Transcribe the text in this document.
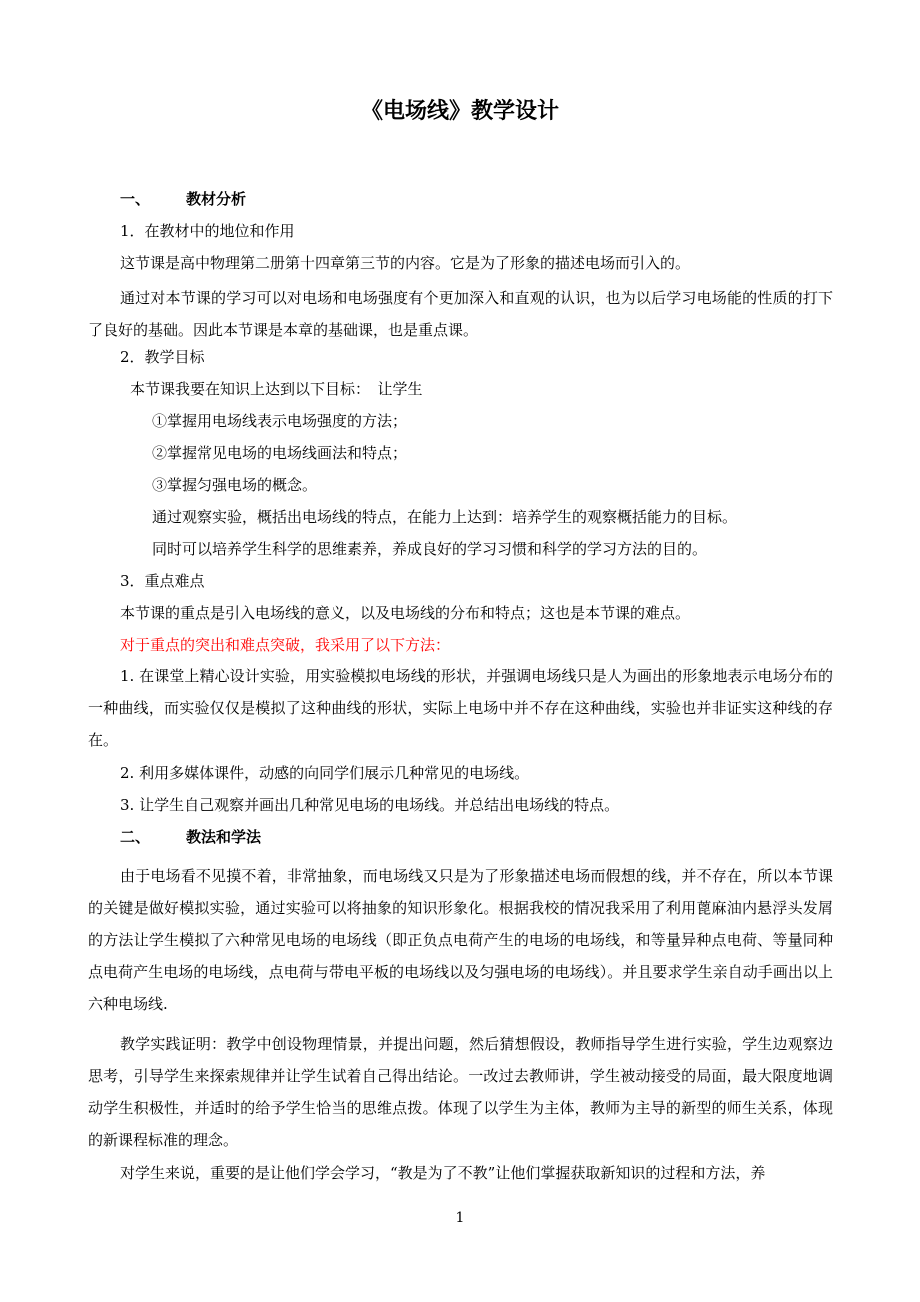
《电场线》教学设计
一、 教材分析
1．在教材中的地位和作用
这节课是高中物理第二册第十四章第三节的内容。它是为了形象的描述电场而引入的。
通过对本节课的学习可以对电场和电场强度有个更加深入和直观的认识，也为以后学习电场能的性质的打下了良好的基础。因此本节课是本章的基础课，也是重点课。
2．教学目标
本节课我要在知识上达到以下目标：　让学生
①掌握用电场线表示电场强度的方法；
②掌握常见电场的电场线画法和特点；
③掌握匀强电场的概念。
通过观察实验，概括出电场线的特点，在能力上达到：培养学生的观察概括能力的目标。
同时可以培养学生科学的思维素养，养成良好的学习习惯和科学的学习方法的目的。
3．重点难点
本节课的重点是引入电场线的意义，以及电场线的分布和特点；这也是本节课的难点。
对于重点的突出和难点突破，我采用了以下方法：
1. 在课堂上精心设计实验，用实验模拟电场线的形状，并强调电场线只是人为画出的形象地表示电场分布的一种曲线，而实验仅仅是模拟了这种曲线的形状，实际上电场中并不存在这种曲线，实验也并非证实这种线的存在。
2. 利用多媒体课件，动感的向同学们展示几种常见的电场线。
3. 让学生自己观察并画出几种常见电场的电场线。并总结出电场线的特点。
二、 教法和学法
由于电场看不见摸不着，非常抽象，而电场线又只是为了形象描述电场而假想的线，并不存在，所以本节课的关键是做好模拟实验，通过实验可以将抽象的知识形象化。根据我校的情况我采用了利用蓖麻油内悬浮头发屑的方法让学生模拟了六种常见电场的电场线（即正负点电荷产生的电场的电场线，和等量异种点电荷、等量同种点电荷产生电场的电场线，点电荷与带电平板的电场线以及匀强电场的电场线）。并且要求学生亲自动手画出以上六种电场线.
教学实践证明：教学中创设物理情景，并提出问题，然后猜想假设，教师指导学生进行实验，学生边观察边思考，引导学生来探索规律并让学生试着自己得出结论。一改过去教师讲，学生被动接受的局面，最大限度地调动学生积极性，并适时的给予学生恰当的思维点拨。体现了以学生为主体，教师为主导的新型的师生关系，体现的新课程标准的理念。
对学生来说，重要的是让他们学会学习，“教是为了不教”让他们掌握获取新知识的过程和方法，养
1
